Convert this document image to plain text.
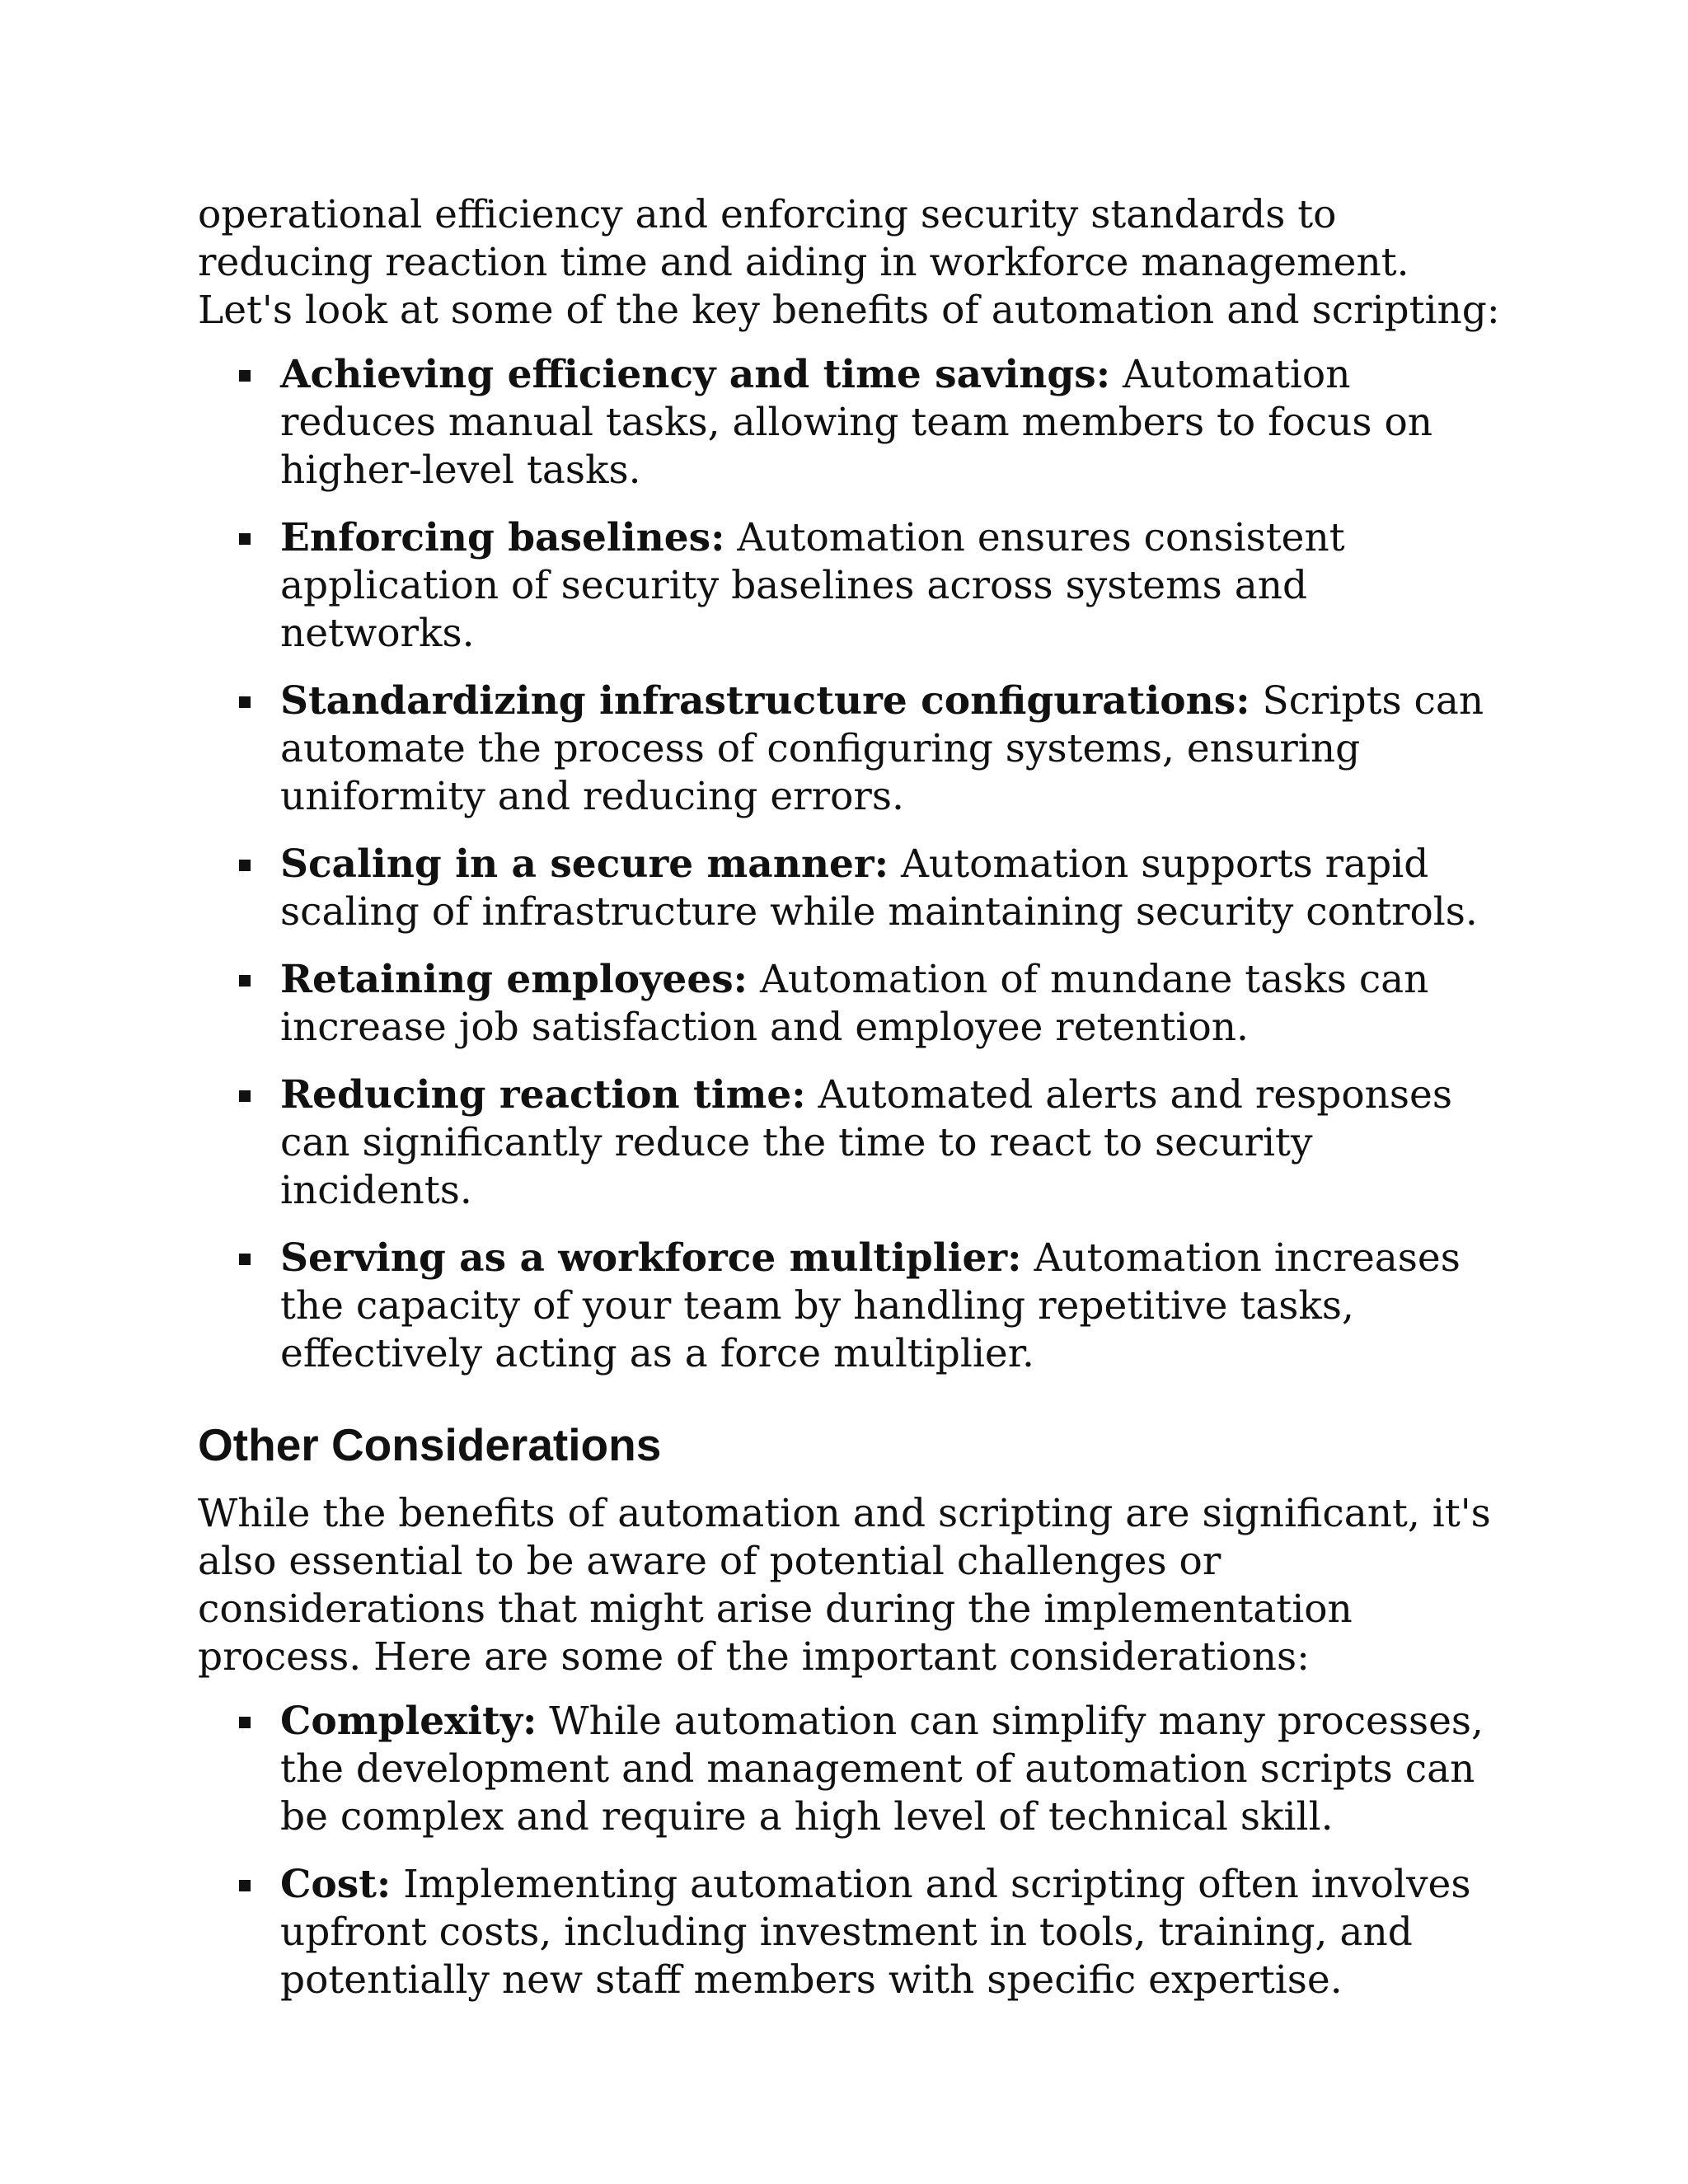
operational efficiency and enforcing security standards to reducing reaction time and aiding in workforce management. Let's look at some of the key benefits of automation and scripting:

Achieving efficiency and time savings: Automation reduces manual tasks, allowing team members to focus on higher-level tasks.
Enforcing baselines: Automation ensures consistent application of security baselines across systems and networks.
Standardizing infrastructure configurations: Scripts can automate the process of configuring systems, ensuring uniformity and reducing errors.
Scaling in a secure manner: Automation supports rapid scaling of infrastructure while maintaining security controls.
Retaining employees: Automation of mundane tasks can increase job satisfaction and employee retention.
Reducing reaction time: Automated alerts and responses can significantly reduce the time to react to security incidents.
Serving as a workforce multiplier: Automation increases the capacity of your team by handling repetitive tasks, effectively acting as a force multiplier.
Other Considerations

While the benefits of automation and scripting are significant, it's also essential to be aware of potential challenges or considerations that might arise during the implementation process. Here are some of the important considerations:

Complexity: While automation can simplify many processes, the development and management of automation scripts can be complex and require a high level of technical skill.
Cost: Implementing automation and scripting often involves upfront costs, including investment in tools, training, and potentially new staff members with specific expertise.
